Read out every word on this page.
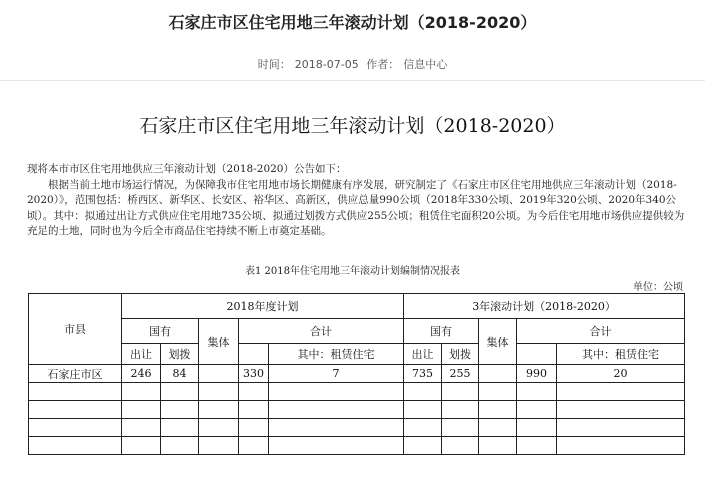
石家庄市区住宅用地三年滚动计划（2018-2020）
时间： 2018-07-05 作者： 信息中心
石家庄市区住宅用地三年滚动计划（2018-2020）

现将本市市区住宅用地供应三年滚动计划（2018-2020）公告如下：

根据当前土地市场运行情况，为保障我市住宅用地市场长期健康有序发展，研究制定了《石家庄市区住宅用地供应三年滚动计划（2018-2020）》，范围包括：桥西区、新华区、长安区、裕华区、高新区，供应总量990公顷（2018年330公顷、2019年320公顷、2020年340公顷）。其中：拟通过出让方式供应住宅用地735公顷、拟通过划拨方式供应255公顷；租赁住宅面积20公顷。为今后住宅用地市场供应提供较为充足的土地，同时也为今后全市商品住宅持续不断上市奠定基础。

表1 2018年住宅用地三年滚动计划编制情况报表
单位：公顷
市县	2018年度计划					3年滚动计划（2018-2020）				
	国有		集体	合计		国有		集体	合计	
	出让	划拨			其中：租赁住宅	出让	划拨			其中：租赁住宅
石家庄市区	246	84		330	7	735	255		990	20
